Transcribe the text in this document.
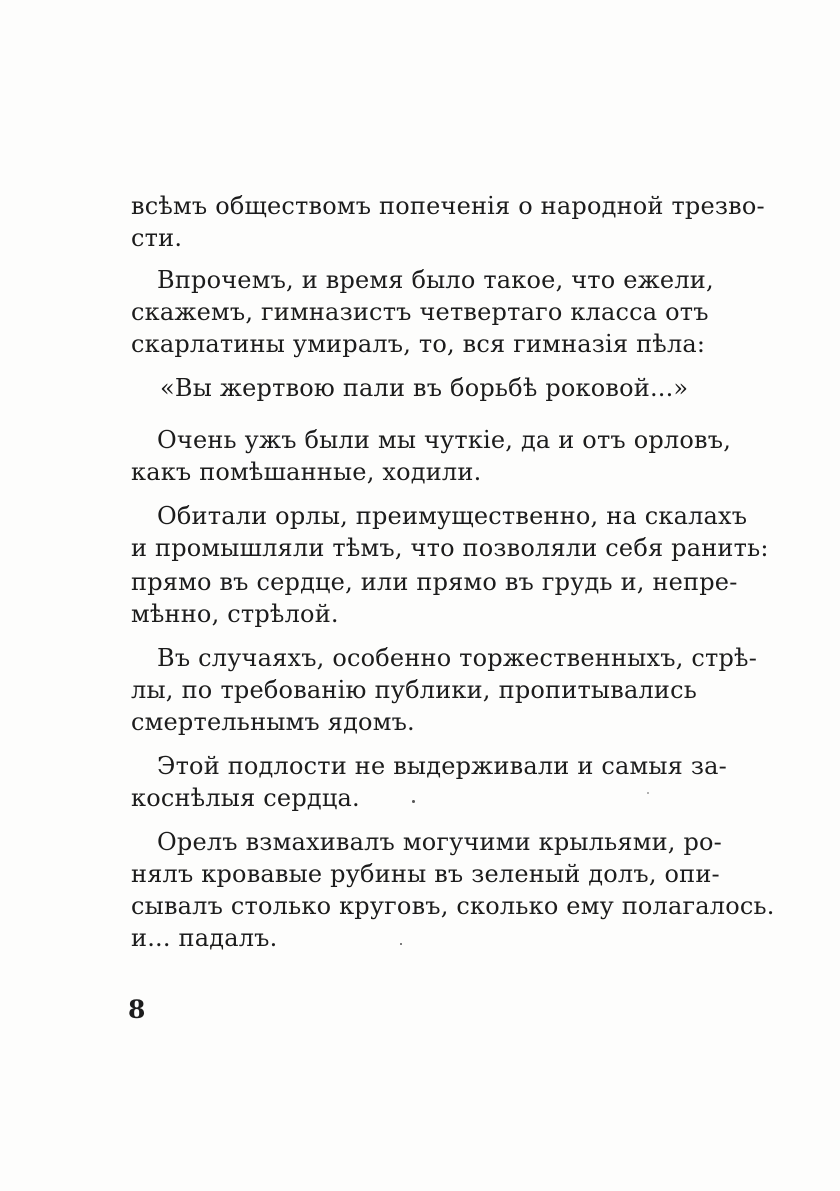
всѣмъ обществомъ попеченія о народной трезво-
сти.
Впрочемъ, и время было такое, что ежели,
скажемъ, гимназистъ четвертаго класса отъ
скарлатины умиралъ, то, вся гимназія пѣла:
«Вы жертвою пали въ борьбѣ роковой...»
Очень ужъ были мы чуткіе, да и отъ орловъ,
какъ помѣшанные, ходили.
Обитали орлы, преимущественно, на скалахъ
и промышляли тѣмъ, что позволяли себя ранить:
прямо въ сердце, или прямо въ грудь и, непре-
мѣнно, стрѣлой.
Въ случаяхъ, особенно торжественныхъ, стрѣ-
лы, по требованію публики, пропитывались
смертельнымъ ядомъ.
Этой подлости не выдерживали и самыя за-
коснѣлыя сердца.
Орелъ взмахивалъ могучими крыльями, ро-
нялъ кровавые рубины въ зеленый долъ, опи-
сывалъ столько круговъ, сколько ему полагалось.
и... падалъ.
8
